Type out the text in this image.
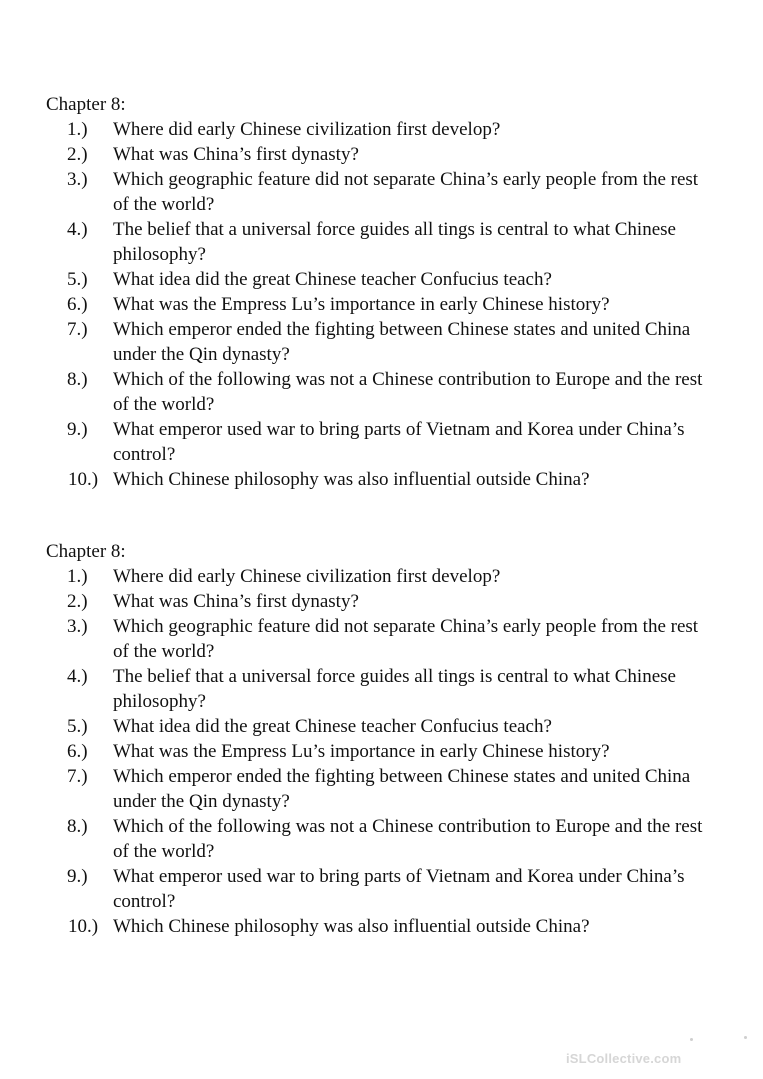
Chapter 8:
1.)	Where did early Chinese civilization first develop?
2.)	What was China’s first dynasty?
3.)	Which geographic feature did not separate China’s early people from the rest of the world?
4.)	The belief that a universal force guides all tings is central to what Chinese philosophy?
5.)	What idea did the great Chinese teacher Confucius teach?
6.)	What was the Empress Lu’s importance in early Chinese history?
7.)	Which emperor ended the fighting between Chinese states and united China under the Qin dynasty?
8.)	Which of the following was not a Chinese contribution to Europe and the rest of the world?
9.)	What emperor used war to bring parts of Vietnam and Korea under China’s control?
10.) Which Chinese philosophy was also influential outside China?
Chapter 8:
1.)	Where did early Chinese civilization first develop?
2.)	What was China’s first dynasty?
3.)	Which geographic feature did not separate China’s early people from the rest of the world?
4.)	The belief that a universal force guides all tings is central to what Chinese philosophy?
5.)	What idea did the great Chinese teacher Confucius teach?
6.)	What was the Empress Lu’s importance in early Chinese history?
7.)	Which emperor ended the fighting between Chinese states and united China under the Qin dynasty?
8.)	Which of the following was not a Chinese contribution to Europe and the rest of the world?
9.)	What emperor used war to bring parts of Vietnam and Korea under China’s control?
10.) Which Chinese philosophy was also influential outside China?
iSLCollective.com
